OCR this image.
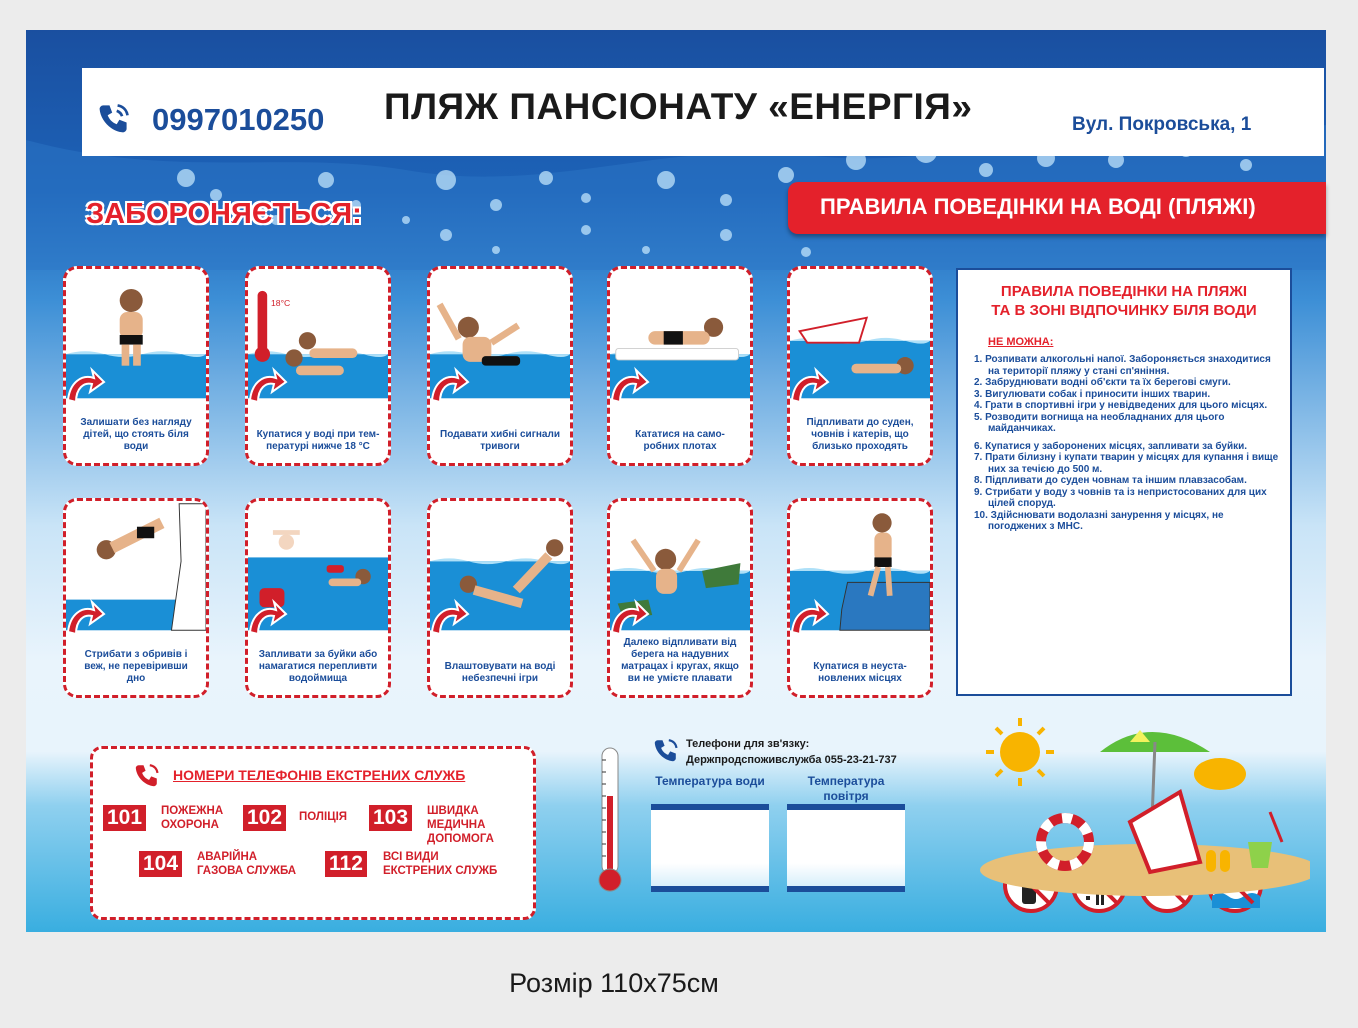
0997010250 ПЛЯЖ ПАНСІОНАТУ «ЕНЕРГІЯ»	Вул. Покровська, 1
ЗАБОРОНЯЄТЬСЯ:	ПРАВИЛА ПОВЕДІНКИ НА ВОДІ (ПЛЯЖІ)
Залишати без нагляду дітей, що стоять біля води
18°C
Купатися у воді при тем-пературі нижче 18 °С
Подавати хибні сигнали тривоги
Кататися на само-робних плотах
Підпливати до суден, човнів і катерів, що близько проходять
Стрибати з обривів і веж, не перевіривши дно
Запливати за буйки або намагатися перепливти водоймища
Влаштовувати на воді небезпечні ігри
Далеко відпливати від берега на надувних матрацах і кругах, якщо ви не умієте плавати
Купатися в неуста-новлених місцях
ПРАВИЛА ПОВЕДІНКИ НА ПЛЯЖІ
ТА В ЗОНІ ВІДПОЧИНКУ БІЛЯ ВОДИ
НЕ МОЖНА:
1. Розпивати алкогольні напої. Забороняється знаходитися на території пляжу у стані сп'яніння.
2. Забруднювати водні об'єкти та їх берегові смуги.
3. Вигулювати собак і приносити інших тварин.
4. Грати в спортивні ігри у невідведених для цього місцях.
5. Розводити вогнища на необладнаних для цього майданчиках.
6. Купатися у заборонених місцях, запливати за буйки.
7. Прати білизну і купати тварин у місцях для купання і вище них за течією до 500 м.
8. Підпливати до суден човнам та іншим плавзасобам.
9. Стрибати у воду з човнів та із непристосованих для цих цілей споруд.
10. Здійснювати водолазні занурення у місцях, не погоджених з МНС.
НОМЕРИ ТЕЛЕФОНІВ ЕКСТРЕНИХ СЛУЖБ
101	ПОЖЕЖНА ОХОРОНА	102	ПОЛІЦІЯ 103	ШВИДКА МЕДИЧНА ДОПОМОГА
104	АВАРІЙНА ГАЗОВА СЛУЖБА 112	ВСІ ВИДИ ЕКСТРЕНИХ СЛУЖБ
Телефони для зв'язку:
Держпродспоживслужба 055-23-21-737
Температура води	Температура повітря
Розмір 110х75см
